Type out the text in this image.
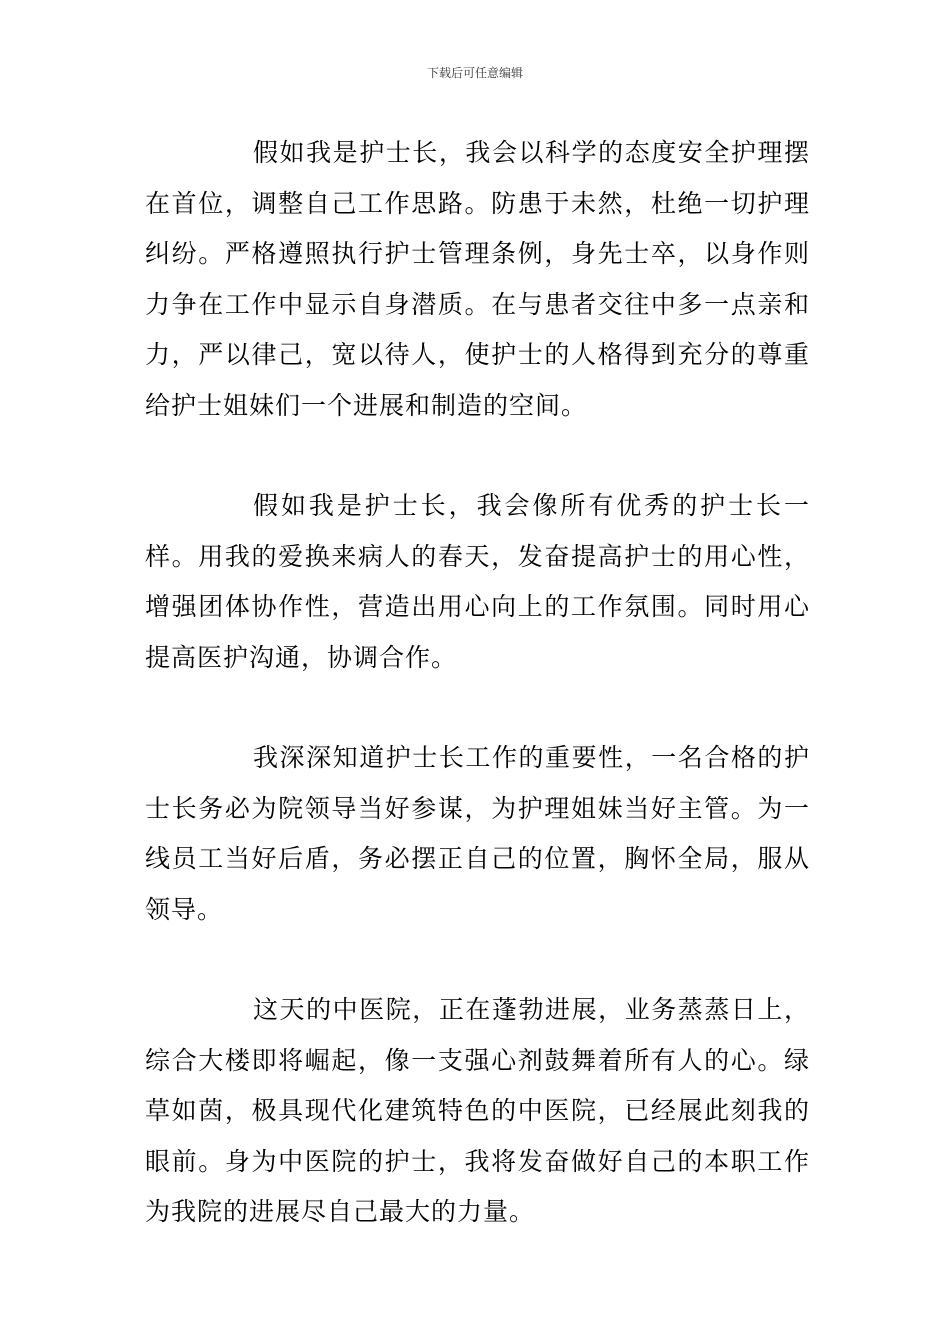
下载后可任意编辑

假如我是护士长，我会以科学的态度安全护理摆在首位，调整自己工作思路。防患于未然，杜绝一切护理纠纷。严格遵照执行护士管理条例，身先士卒，以身作则力争在工作中显示自身潜质。在与患者交往中多一点亲和力，严以律己，宽以待人，使护士的人格得到充分的尊重给护士姐妹们一个进展和制造的空间。

假如我是护士长，我会像所有优秀的护士长一样。用我的爱换来病人的春天，发奋提高护士的用心性，增强团体协作性，营造出用心向上的工作氛围。同时用心提高医护沟通，协调合作。

我深深知道护士长工作的重要性，一名合格的护士长务必为院领导当好参谋，为护理姐妹当好主管。为一线员工当好后盾，务必摆正自己的位置，胸怀全局，服从领导。

这天的中医院，正在蓬勃进展，业务蒸蒸日上，综合大楼即将崛起，像一支强心剂鼓舞着所有人的心。绿草如茵，极具现代化建筑特色的中医院，已经展此刻我的眼前。身为中医院的护士，我将发奋做好自己的本职工作为我院的进展尽自己最大的力量。
